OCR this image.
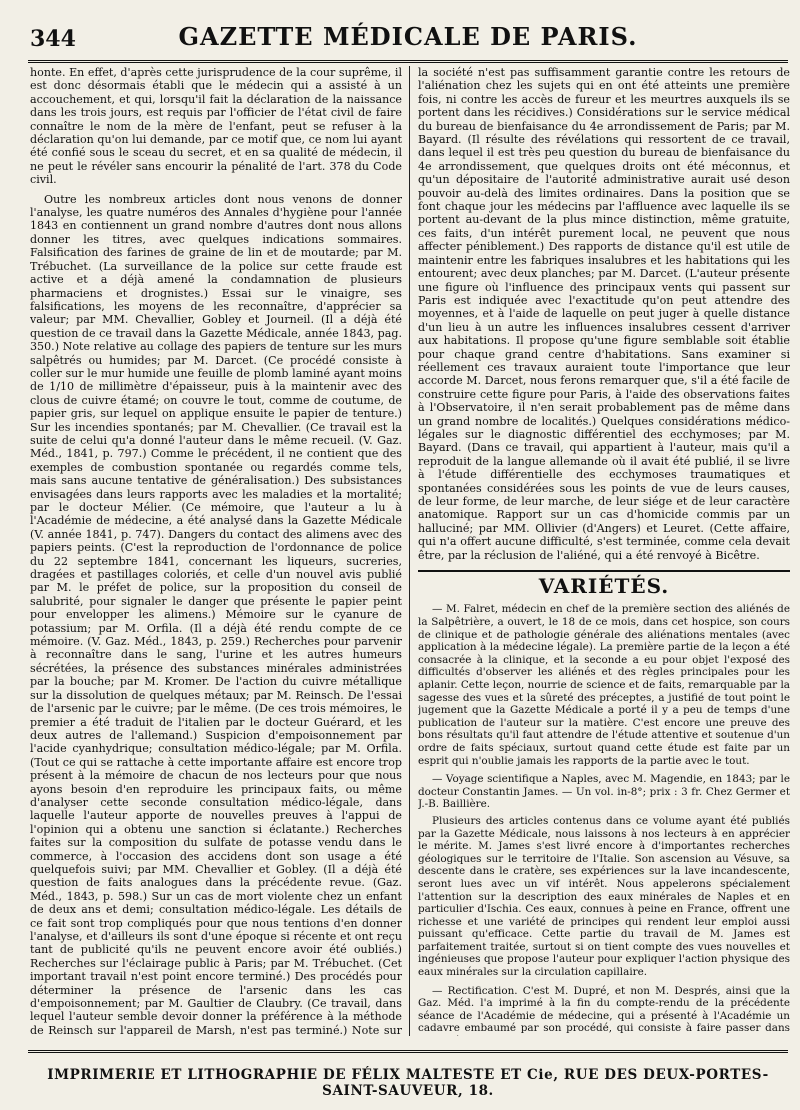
344	GAZETTE MÉDICALE DE PARIS.

honte. En effet, d'après cette jurisprudence de la cour suprême, il est donc désormais établi que le médecin qui a assisté à un accouchement, et qui, lorsqu'il fait la déclaration de la naissance dans les trois jours, est requis par l'officier de l'état civil de faire connaître le nom de la mère de l'enfant, peut se refuser à la déclaration qu'on lui demande, par ce motif que, ce nom lui ayant été confié sous le sceau du secret, et en sa qualité de médecin, il ne peut le révéler sans encourir la pénalité de l'art. 378 du Code civil.

Outre les nombreux articles dont nous venons de donner l'analyse, les quatre numéros des Annales d'hygiène pour l'année 1843 en contiennent un grand nombre d'autres dont nous allons donner les titres, avec quelques indications sommaires. Falsification des farines de graine de lin et de moutarde; par M. Trébuchet. (La surveillance de la police sur cette fraude est active et a déjà amené la condamnation de plusieurs pharmaciens et drognistes.) Essai sur le vinaigre, ses falsifications, les moyens de les reconnaître, d'apprécier sa valeur; par MM. Chevallier, Gobley et Journeil. (Il a déjà été question de ce travail dans la Gazette Médicale, année 1843, pag. 350.) Note relative au collage des papiers de tenture sur les murs salpêtrés ou humides; par M. Darcet. (Ce procédé consiste à coller sur le mur humide une feuille de plomb laminé ayant moins de 1/10 de millimètre d'épaisseur, puis à la maintenir avec des clous de cuivre étamé; on couvre le tout, comme de coutume, de papier gris, sur lequel on applique ensuite le papier de tenture.) Sur les incendies spontanés; par M. Chevallier. (Ce travail est la suite de celui qu'a donné l'auteur dans le même recueil. (V. Gaz. Méd., 1841, p. 797.) Comme le précédent, il ne contient que des exemples de combustion spontanée ou regardés comme tels, mais sans aucune tentative de généralisation.) Des subsistances envisagées dans leurs rapports avec les maladies et la mortalité; par le docteur Mélier. (Ce mémoire, que l'auteur a lu à l'Académie de médecine, a été analysé dans la Gazette Médicale (V. année 1841, p. 747). Dangers du contact des alimens avec des papiers peints. (C'est la reproduction de l'ordonnance de police du 22 septembre 1841, concernant les liqueurs, sucreries, dragées et pastillages coloriés, et celle d'un nouvel avis publié par M. le préfet de police, sur la proposition du conseil de salubrité, pour signaler le danger que présente le papier peint pour envelopper les alimens.) Mémoire sur le cyanure de potassium; par M. Orfila. (Il a déjà été rendu compte de ce mémoire. (V. Gaz. Méd., 1843, p. 259.) Recherches pour parvenir à reconnaître dans le sang, l'urine et les autres humeurs sécrétées, la présence des substances minérales administrées par la bouche; par M. Kromer. De l'action du cuivre métallique sur la dissolution de quelques métaux; par M. Reinsch. De l'essai de l'arsenic par le cuivre; par le même. (De ces trois mémoires, le premier a été traduit de l'italien par le docteur Guérard, et les deux autres de l'allemand.) Suspicion d'empoisonnement par l'acide cyanhydrique; consultation médico-légale; par M. Orfila. (Tout ce qui se rattache à cette importante affaire est encore trop présent à la mémoire de chacun de nos lecteurs pour que nous ayons besoin d'en reproduire les principaux faits, ou même d'analyser cette seconde consultation médico-légale, dans laquelle l'auteur apporte de nouvelles preuves à l'appui de l'opinion qui a obtenu une sanction si éclatante.) Recherches faites sur la composition du sulfate de potasse vendu dans le commerce, à l'occasion des accidens dont son usage a été quelquefois suivi; par MM. Chevallier et Gobley. (Il a déjà été question de faits analogues dans la précédente revue. (Gaz. Méd., 1843, p. 598.) Sur un cas de mort violente chez un enfant de deux ans et demi; consultation médico-légale. Les détails de ce fait sont trop compliqués pour que nous tentions d'en donner l'analyse, et d'ailleurs ils sont d'une époque si récente et ont reçu tant de publicité qu'ils ne peuvent encore avoir été oubliés.) Recherches sur l'éclairage public à Paris; par M. Trébuchet. (Cet important travail n'est point encore terminé.) Des procédés pour déterminer la présence de l'arsenic dans les cas d'empoisonnement; par M. Gaultier de Claubry. (Ce travail, dans lequel l'auteur semble devoir donner la préférence à la méthode de Reinsch sur l'appareil de Marsh, n'est pas terminé.) Note sur

la société n'est pas suffisamment garantie contre les retours de l'aliénation chez les sujets qui en ont été atteints une première fois, ni contre les accès de fureur et les meurtres auxquels ils se portent dans les récidives.) Considérations sur le service médical du bureau de bienfaisance du 4e arrondissement de Paris; par M. Bayard. (Il résulte des révélations qui ressortent de ce travail, dans lequel il est très peu question du bureau de bienfaisance du 4e arrondissement, que quelques droits ont été méconnus, et qu'un dépositaire de l'autorité administrative aurait usé deson pouvoir au-delà des limites ordinaires. Dans la position que se font chaque jour les médecins par l'affluence avec laquelle ils se portent au-devant de la plus mince distinction, même gratuite, ces faits, d'un intérêt purement local, ne peuvent que nous affecter péniblement.) Des rapports de distance qu'il est utile de maintenir entre les fabriques insalubres et les habitations qui les entourent; avec deux planches; par M. Darcet. (L'auteur présente une figure où l'influence des principaux vents qui passent sur Paris est indiquée avec l'exactitude qu'on peut attendre des moyennes, et à l'aide de laquelle on peut juger à quelle distance d'un lieu à un autre les influences insalubres cessent d'arriver aux habitations. Il propose qu'une figure semblable soit établie pour chaque grand centre d'habitations. Sans examiner si réellement ces travaux auraient toute l'importance que leur accorde M. Darcet, nous ferons remarquer que, s'il a été facile de construire cette figure pour Paris, à l'aide des observations faites à l'Observatoire, il n'en serait probablement pas de même dans un grand nombre de localités.) Quelques considérations médico-légales sur le diagnostic différentiel des ecchymoses; par M. Bayard. (Dans ce travail, qui appartient à l'auteur, mais qu'il a reproduit de la langue allemande où il avait été publié, il se livre à l'étude différentielle des ecchymoses traumatiques et spontanées considérées sous les points de vue de leurs causes, de leur forme, de leur marche, de leur siége et de leur caractère anatomique. Rapport sur un cas d'homicide commis par un halluciné; par MM. Ollivier (d'Angers) et Leuret. (Cette affaire, qui n'a offert aucune difficulté, s'est terminée, comme cela devait être, par la réclusion de l'aliéné, qui a été renvoyé à Bicêtre.

VARIÉTÉS.

— M. Falret, médecin en chef de la première section des aliénés de la Salpêtrière, a ouvert, le 18 de ce mois, dans cet hospice, son cours de clinique et de pathologie générale des aliénations mentales (avec application à la médecine légale). La première partie de la leçon a été consacrée à la clinique, et la seconde a eu pour objet l'exposé des difficultés d'observer les aliénés et des règles principales pour les aplanir. Cette leçon, nourrie de science et de faits, remarquable par la sagesse des vues et la sûreté des préceptes, a justifié de tout point le jugement que la Gazette Médicale a porté il y a peu de temps d'une publication de l'auteur sur la matière. C'est encore une preuve des bons résultats qu'il faut attendre de l'étude attentive et soutenue d'un ordre de faits spéciaux, surtout quand cette étude est faite par un esprit qui n'oublie jamais les rapports de la partie avec le tout.

— Voyage scientifique a Naples, avec M. Magendie, en 1843; par le docteur Constantin James. — Un vol. in-8°; prix : 3 fr. Chez Germer et J.-B. Baillière.

Plusieurs des articles contenus dans ce volume ayant été publiés par la Gazette Médicale, nous laissons à nos lecteurs à en apprécier le mérite. M. James s'est livré encore à d'importantes recherches géologiques sur le territoire de l'Italie. Son ascension au Vésuve, sa descente dans le cratère, ses expériences sur la lave incandescente, seront lues avec un vif intérêt. Nous appelerons spécialement l'attention sur la description des eaux minérales de Naples et en particulier d'Ischia. Ces eaux, connues à peine en France, offrent une richesse et une variété de principes qui rendent leur emploi aussi puissant qu'efficace. Cette partie du travail de M. James est parfaitement traitée, surtout si on tient compte des vues nouvelles et ingénieuses que propose l'auteur pour expliquer l'action physique des eaux minérales sur la circulation capillaire.

— Rectification. C'est M. Dupré, et non M. Després, ainsi que la Gaz. Méd. l'a imprimé à la fin du compte-rendu de la précédente séance de l'Académie de médecine, qui a présenté à l'Académie un cadavre embaumé par son procédé, qui consiste à faire passer dans

IMPRIMERIE ET LITHOGRAPHIE DE FÉLIX MALTESTE ET Cie, RUE DES DEUX-PORTES-SAINT-SAUVEUR, 18.
